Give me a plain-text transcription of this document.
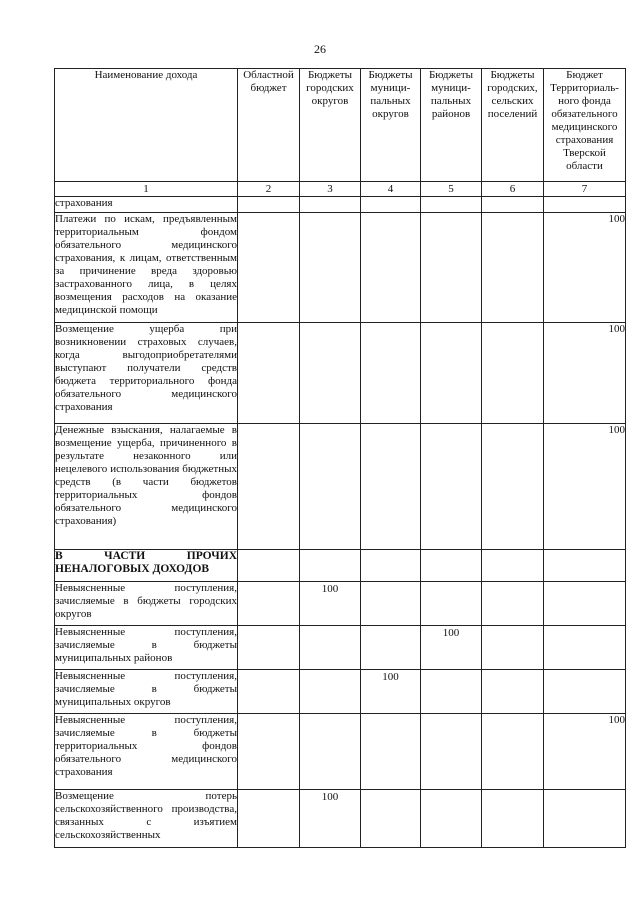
26
Наименование дохода	Областной бюджет	Бюджеты городских округов	Бюджеты муници-пальных округов	Бюджеты муници-пальных районов	Бюджеты городских, сельских поселений	Бюджет Территориаль-ного фонда обязательного медицинского страхования Тверской области
1	2	3	4	5	6	7
страхования						
Платежи по искам, предъявленным территориальным фондом обязательного медицинского страхования, к лицам, ответственным за причинение вреда здоровью застрахованного лица, в целях возмещения расходов на оказание медицинской помощи						100
Возмещение ущерба при возникновении страховых случаев, когда выгодоприобретателями выступают получатели средств бюджета территориального фонда обязательного медицинского страхования						100
Денежные взыскания, налагаемые в возмещение ущерба, причиненного в результате незаконного или нецелевого использования бюджетных средств (в части бюджетов территориальных фондов обязательного медицинского страхования)						100
В ЧАСТИ ПРОЧИХ НЕНАЛОГОВЫХ ДОХОДОВ						
Невыясненные поступления, зачисляемые в бюджеты городских округов		100				
Невыясненные поступления, зачисляемые в бюджеты муниципальных районов				100		
Невыясненные поступления, зачисляемые в бюджеты муниципальных округов			100			
Невыясненные поступления, зачисляемые в бюджеты территориальных фондов обязательного медицинского страхования						100
Возмещение потерь сельскохозяйственного производства, связанных с изъятием сельскохозяйственных		100				
